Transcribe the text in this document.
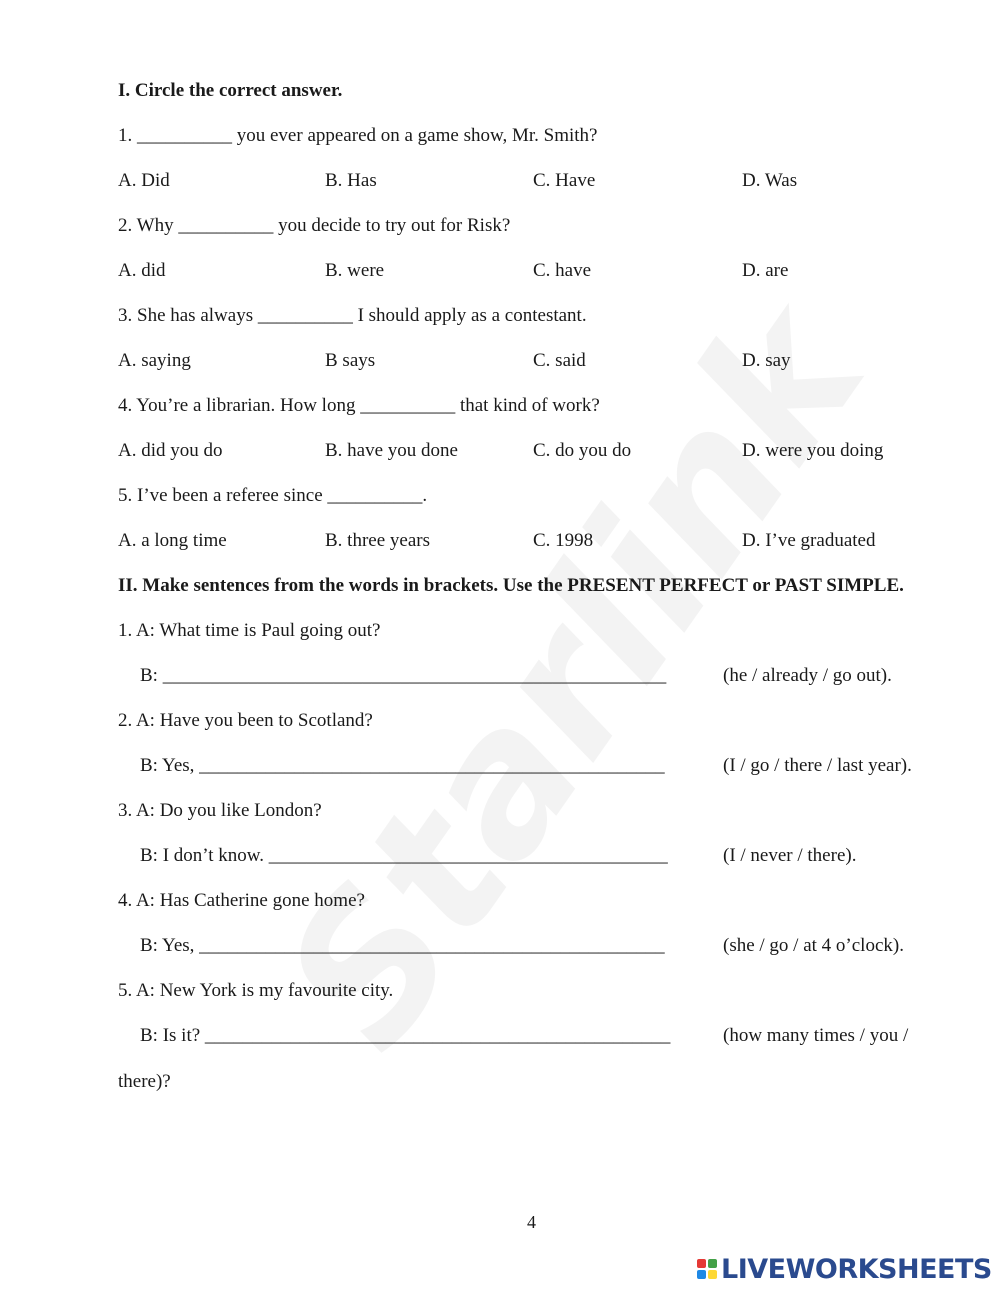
I. Circle the correct answer.
1. __________ you ever appeared on a game show, Mr. Smith?
A. Did	B. Has	C. Have	D. Was
2. Why __________ you decide to try out for Risk?
A. did	B. were	C. have	D. are
3. She has always __________ I should apply as a contestant.
A. saying	B says	C. said	D. say
4. You’re a librarian. How long __________ that kind of work?
A. did you do	B. have you done	C. do you do	D. were you doing
5. I’ve been a referee since __________.
A. a long time	B. three years	C. 1998	D. I’ve graduated
II. Make sentences from the words in brackets. Use the PRESENT PERFECT or PAST SIMPLE.
1. A: What time is Paul going out?
B: _____________________________________________________	(he / already / go out).
2. A: Have you been to Scotland?
B: Yes, _________________________________________________	(I / go / there / last year).
3. A: Do you like London?
B: I don’t know. __________________________________________	(I / never / there).
4. A: Has Catherine gone home?
B: Yes, _________________________________________________	(she / go / at 4 o’clock).
5. A: New York is my favourite city.
B: Is it? _________________________________________________	(how many times / you /
there)?
4
LIVEWORKSHEETS
